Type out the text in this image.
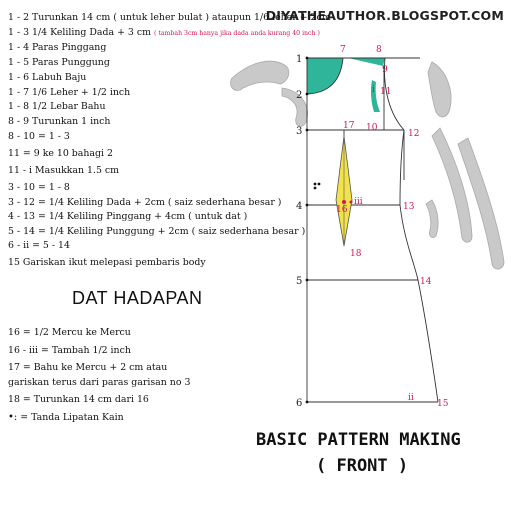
1
2
3
4
5
6
7	8
9
10
11
12
13
14
15
16
17
18
i
ii
iii
DIYATHEAUTHOR.BLOGSPOT.COM
1 - 2 Turunkan 14 cm ( untuk leher bulat ) ataupun 1/6 leher + 2cm
1 - 3 1/4 Keliling Dada + 3 cm ( tambah 3cm hanya jika dada anda kurang 40 inch )
1 - 4 Paras Pinggang
1 - 5 Paras Punggung
1 - 6 Labuh Baju
1 - 7 1/6 Leher + 1/2 inch
1 - 8 1/2 Lebar Bahu
8 - 9 Turunkan 1 inch
8 - 10 = 1 - 3
11 = 9 ke 10 bahagi 2
11 - i Masukkan 1.5 cm
3 - 10 = 1 - 8
3 - 12 = 1/4 Keliling Dada + 2cm ( saiz sederhana besar )
4 - 13 = 1/4 Keliling Pinggang + 4cm ( untuk dat )
5 - 14 = 1/4 Keliling Punggung + 2cm ( saiz sederhana besar )
6 - ii = 5 - 14
15 Gariskan ikut melepasi pembaris body
DAT HADAPAN
16 = 1/2 Mercu ke Mercu
16 - iii = Tambah 1/2 inch
17 = Bahu ke Mercu + 2 cm atau
gariskan terus dari paras garisan no 3
18 = Turunkan 14 cm dari 16
•: = Tanda Lipatan Kain
BASIC PATTERN MAKING
( FRONT )
